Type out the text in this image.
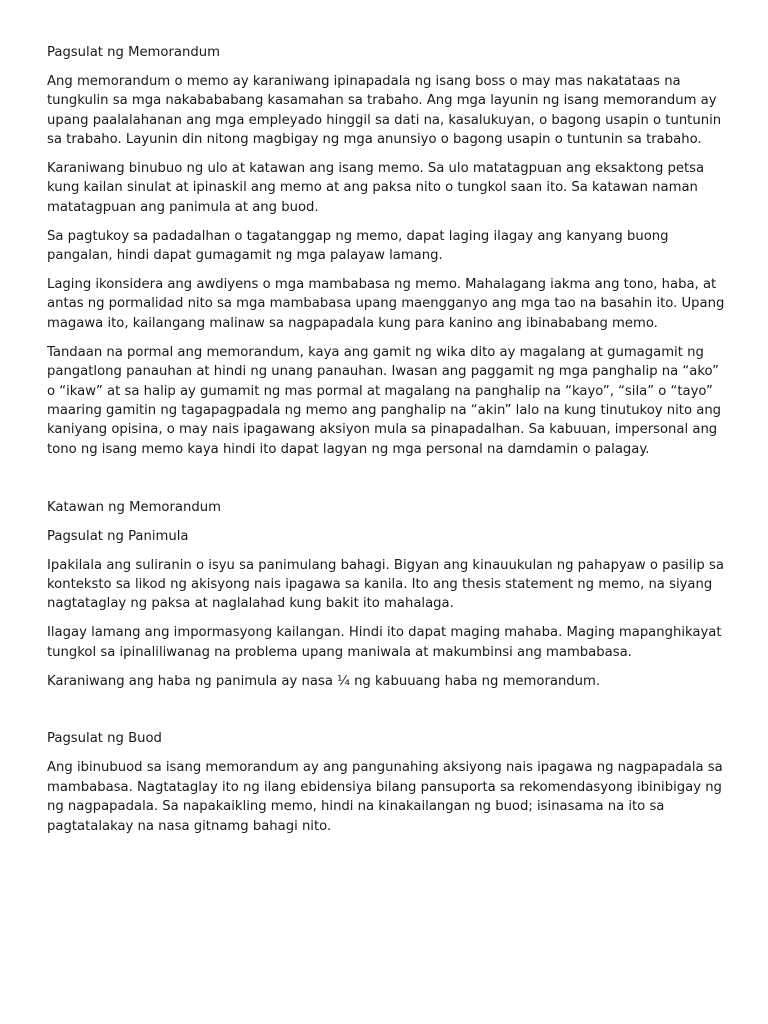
Pagsulat ng Memorandum

Ang memorandum o memo ay karaniwang ipinapadala ng isang boss o may mas nakatataas na tungkulin sa mga nakabababang kasamahan sa trabaho. Ang mga layunin ng isang memorandum ay upang paalalahanan ang mga empleyado hinggil sa dati na, kasalukuyan, o bagong usapin o tuntunin sa trabaho. Layunin din nitong magbigay ng mga anunsiyo o bagong usapin o tuntunin sa trabaho.

Karaniwang binubuo ng ulo at katawan ang isang memo. Sa ulo matatagpuan ang eksaktong petsa kung kailan sinulat at ipinaskil ang memo at ang paksa nito o tungkol saan ito. Sa katawan naman matatagpuan ang panimula at ang buod.

Sa pagtukoy sa padadalhan o tagatanggap ng memo, dapat laging ilagay ang kanyang buong pangalan, hindi dapat gumagamit ng mga palayaw lamang.

Laging ikonsidera ang awdiyens o mga mambabasa ng memo. Mahalagang iakma ang tono, haba, at antas ng pormalidad nito sa mga mambabasa upang maengganyo ang mga tao na basahin ito. Upang magawa ito, kailangang malinaw sa nagpapadala kung para kanino ang ibinababang memo.

Tandaan na pormal ang memorandum, kaya ang gamit ng wika dito ay magalang at gumagamit ng pangatlong panauhan at hindi ng unang panauhan. Iwasan ang paggamit ng mga panghalip na “ako” o “ikaw” at sa halip ay gumamit ng mas pormal at magalang na panghalip na “kayo”, “sila” o “tayo” maaring gamitin ng tagapagpadala ng memo ang panghalip na “akin” lalo na kung tinutukoy nito ang kaniyang opisina, o may nais ipagawang aksiyon mula sa pinapadalhan. Sa kabuuan, impersonal ang tono ng isang memo kaya hindi ito dapat lagyan ng mga personal na damdamin o palagay.

Katawan ng Memorandum

Pagsulat ng Panimula

Ipakilala ang suliranin o isyu sa panimulang bahagi. Bigyan ang kinauukulan ng pahapyaw o pasilip sa konteksto sa likod ng akisyong nais ipagawa sa kanila. Ito ang thesis statement ng memo, na siyang nagtataglay ng paksa at naglalahad kung bakit ito mahalaga.

Ilagay lamang ang impormasyong kailangan. Hindi ito dapat maging mahaba. Maging mapanghikayat tungkol sa ipinaliliwanag na problema upang maniwala at makumbinsi ang mambabasa.

Karaniwang ang haba ng panimula ay nasa ¼ ng kabuuang haba ng memorandum.

Pagsulat ng Buod

Ang ibinubuod sa isang memorandum ay ang pangunahing aksiyong nais ipagawa ng nagpapadala sa mambabasa. Nagtataglay ito ng ilang ebidensiya bilang pansuporta sa rekomendasyong ibinibigay ng ng nagpapadala. Sa napakaikling memo, hindi na kinakailangan ng buod; isinasama na ito sa pagtatalakay na nasa gitnamg bahagi nito.
